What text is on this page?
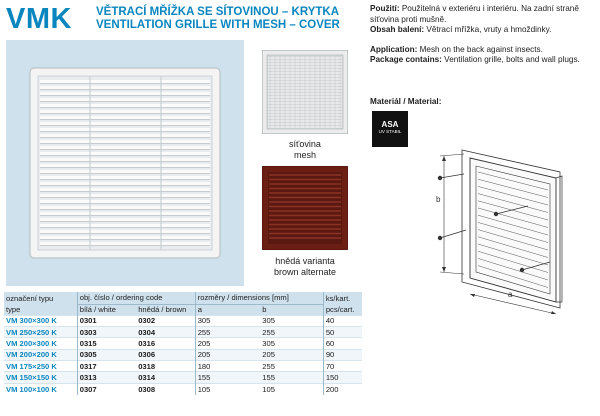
VMK VĚTRACÍ MŘÍŽKA SE SÍTOVINOU – KRYTKA
VENTILATION GRILLE WITH MESH – COVER
síťovina
mesh
hnědá varianta
brown alternate

Použití: Použitelná v exteriéru i interiéru. Na zadní straně síťovina proti mušně.

Obsah balení: Větrací mřížka, vruty a hmoždinky.

Application: Mesh on the back against insects.

Package contains: Ventilation grille, bolts and wall plugs.

Materiál / Material:
ASA
UV STABIL
b
a
označení typu	obj. číslo / ordering code		rozměry / dimensions [mm]		ks/kart.
type	bílá / white	hnědá / brown	a	b	pcs/cart.
VM 300×300 K	0301	0302	305	305	40
VM 250×250 K	0303	0304	255	255	50
VM 200×300 K	0315	0316	205	305	60
VM 200×200 K	0305	0306	205	205	90
VM 175×250 K	0317	0318	180	255	70
VM 150×150 K	0313	0314	155	155	150
VM 100×100 K	0307	0308	105	105	200
